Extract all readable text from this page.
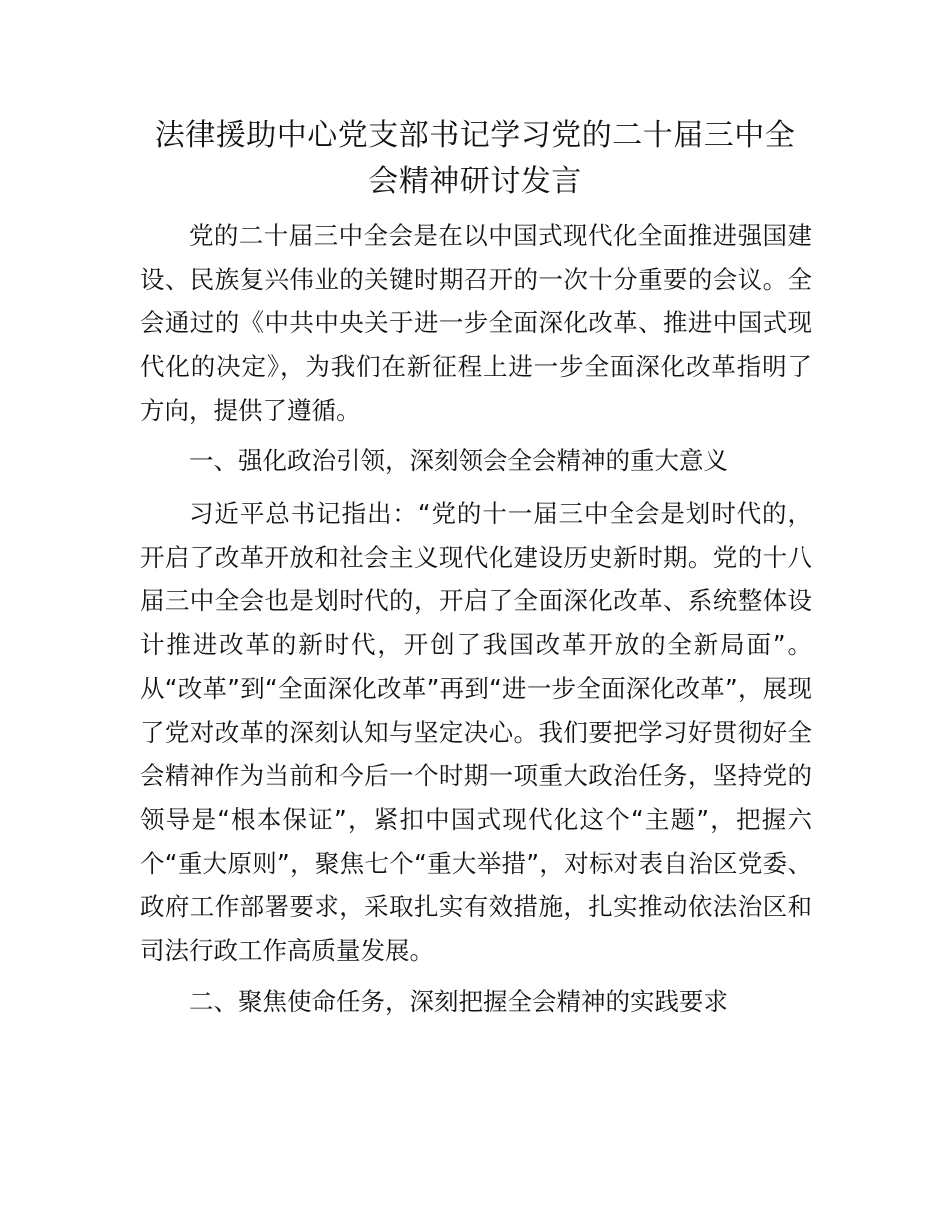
法律援助中心党支部书记学习党的二十届三中全会精神研讨发言

党的二十届三中全会是在以中国式现代化全面推进强国建设、民族复兴伟业的关键时期召开的一次十分重要的会议。全会通过的《中共中央关于进一步全面深化改革、推进中国式现代化的决定》，为我们在新征程上进一步全面深化改革指明了方向，提供了遵循。

一、强化政治引领，深刻领会全会精神的重大意义

习近平总书记指出：“党的十一届三中全会是划时代的，开启了改革开放和社会主义现代化建设历史新时期。党的十八届三中全会也是划时代的，开启了全面深化改革、系统整体设计推进改革的新时代，开创了我国改革开放的全新局面”。从“改革”到“全面深化改革”再到“进一步全面深化改革”，展现了党对改革的深刻认知与坚定决心。我们要把学习好贯彻好全会精神作为当前和今后一个时期一项重大政治任务，坚持党的领导是“根本保证”，紧扣中国式现代化这个“主题”，把握六个“重大原则”，聚焦七个“重大举措”，对标对表自治区党委、政府工作部署要求，采取扎实有效措施，扎实推动依法治区和司法行政工作高质量发展。

二、聚焦使命任务，深刻把握全会精神的实践要求
